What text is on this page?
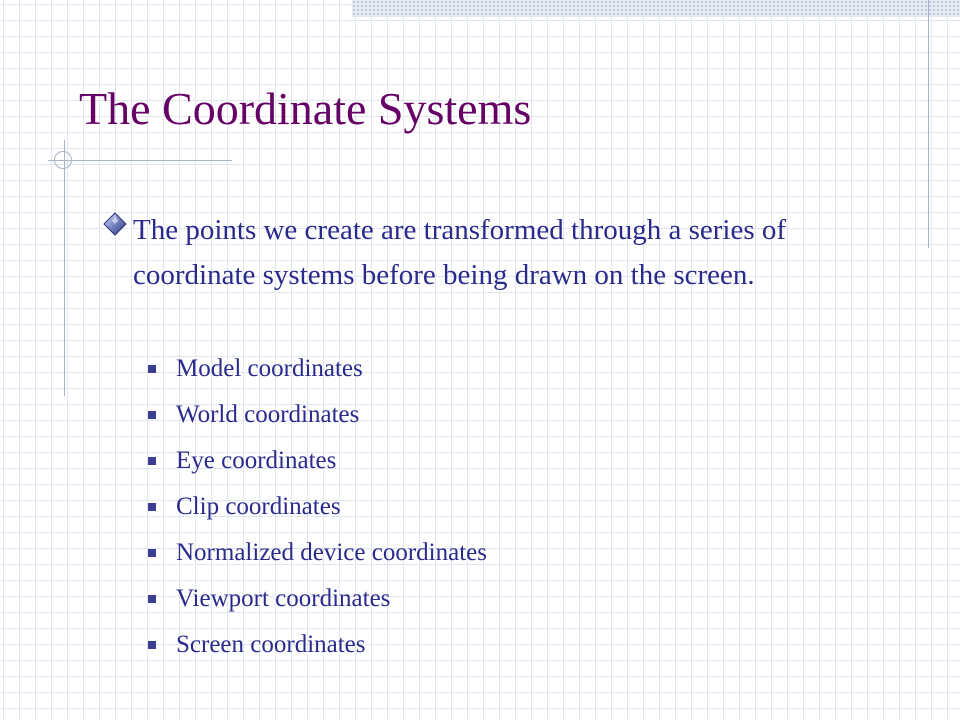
The Coordinate Systems

The points we create are transformed through a series of coordinate systems before being drawn on the screen.

Model coordinates
World coordinates
Eye coordinates
Clip coordinates
Normalized device coordinates
Viewport coordinates
Screen coordinates
